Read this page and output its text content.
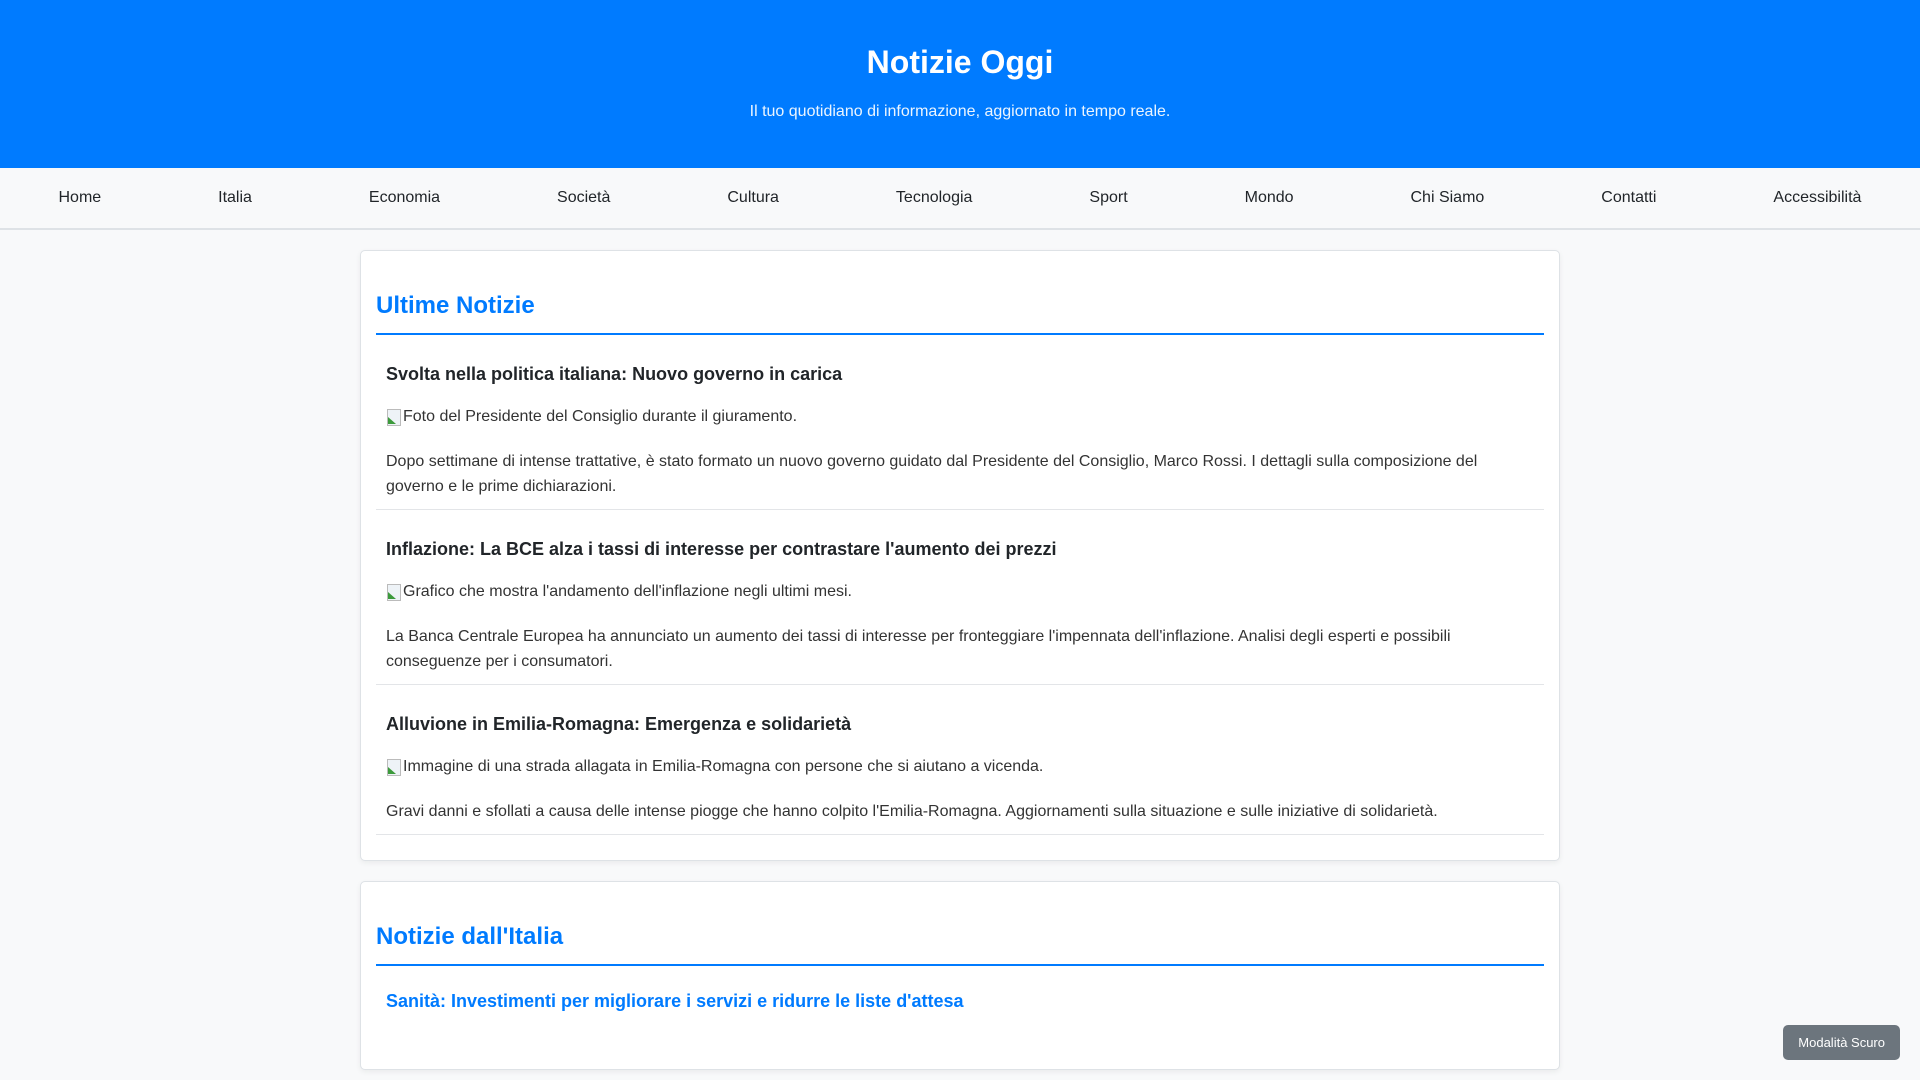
Notizie Oggi

Il tuo quotidiano di informazione, aggiornato in tempo reale.

Home	Italia	Economia	Società	Cultura	Tecnologia	Sport	Mondo	Chi Siamo	Contatti	Accessibilità
Ultime Notizie
Svolta nella politica italiana: Nuovo governo in carica
Foto del Presidente del Consiglio durante il giuramento.

Dopo settimane di intense trattative, è stato formato un nuovo governo guidato dal Presidente del Consiglio, Marco Rossi. I dettagli sulla composizione del governo e le prime dichiarazioni.

Inflazione: La BCE alza i tassi di interesse per contrastare l'aumento dei prezzi
Grafico che mostra l'andamento dell'inflazione negli ultimi mesi.

La Banca Centrale Europea ha annunciato un aumento dei tassi di interesse per fronteggiare l'impennata dell'inflazione. Analisi degli esperti e possibili conseguenze per i consumatori.

Alluvione in Emilia-Romagna: Emergenza e solidarietà
Immagine di una strada allagata in Emilia-Romagna con persone che si aiutano a vicenda.

Gravi danni e sfollati a causa delle intense piogge che hanno colpito l'Emilia-Romagna. Aggiornamenti sulla situazione e sulle iniziative di solidarietà.

Notizie dall'Italia
Sanità: Investimenti per migliorare i servizi e ridurre le liste d'attesa
Modalità Scuro
